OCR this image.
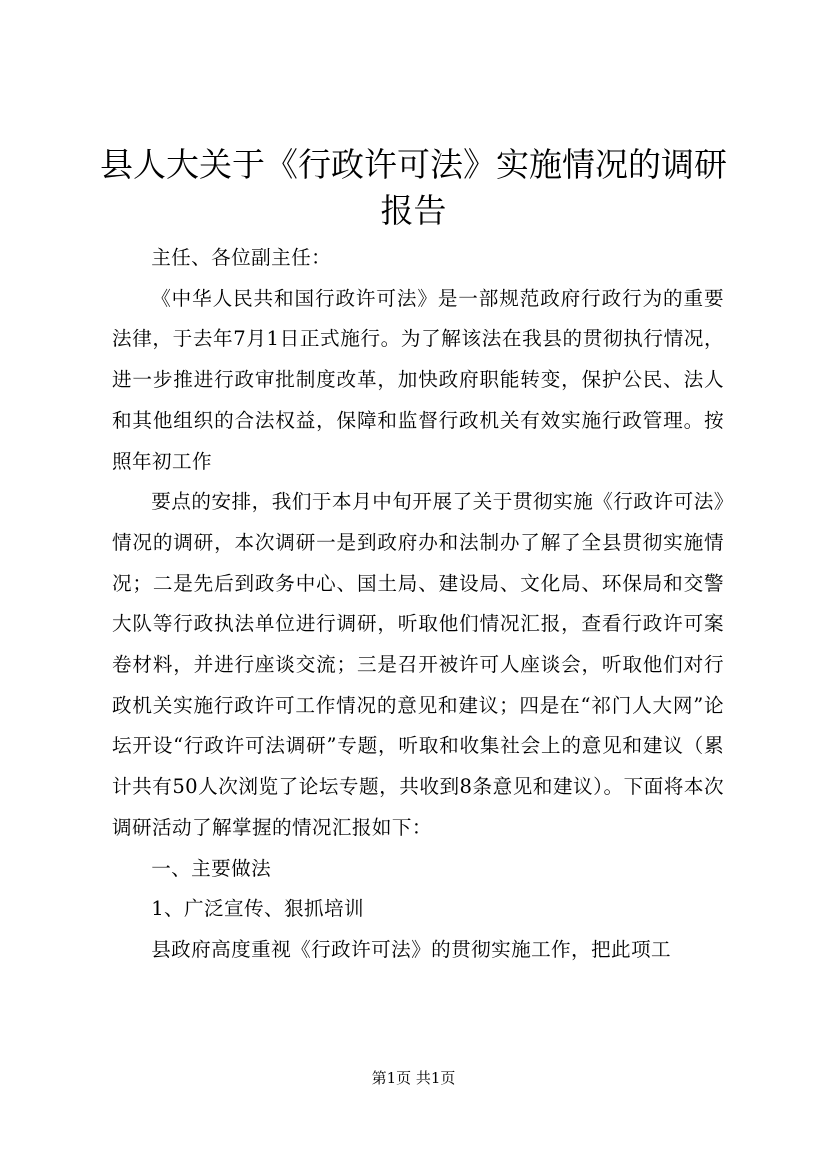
县人大关于《行政许可法》实施情况的调研报告

主任、各位副主任：

《中华人民共和国行政许可法》是一部规范政府行政行为的重要法律，于去年7月1日正式施行。为了解该法在我县的贯彻执行情况，进一步推进行政审批制度改革，加快政府职能转变，保护公民、法人和其他组织的合法权益，保障和监督行政机关有效实施行政管理。按照年初工作

要点的安排，我们于本月中旬开展了关于贯彻实施《行政许可法》情况的调研，本次调研一是到政府办和法制办了解了全县贯彻实施情况；二是先后到政务中心、国土局、建设局、文化局、环保局和交警大队等行政执法单位进行调研，听取他们情况汇报，查看行政许可案卷材料，并进行座谈交流；三是召开被许可人座谈会，听取他们对行政机关实施行政许可工作情况的意见和建议；四是在“祁门人大网”论坛开设“行政许可法调研”专题，听取和收集社会上的意见和建议（累计共有50人次浏览了论坛专题，共收到8条意见和建议）。下面将本次调研活动了解掌握的情况汇报如下：

一、主要做法

1、广泛宣传、狠抓培训

县政府高度重视《行政许可法》的贯彻实施工作，把此项工

第1页 共1页
